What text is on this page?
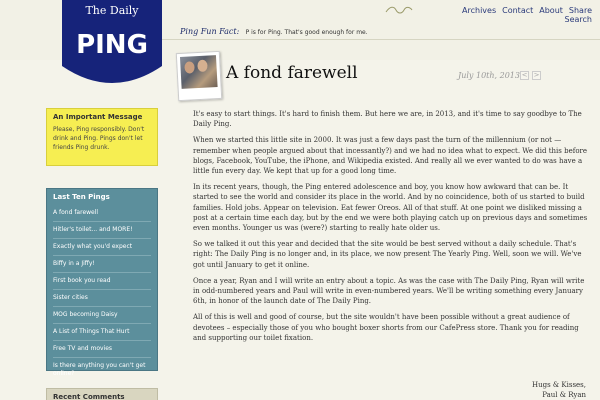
Ping Fun Fact: P is for Ping. That's good enough for me.
Archives Contact About Share
Search
The Daily
PING
An Important Message
Please, Ping responsibly. Don't drink and Ping. Pings don't let friends Ping drunk.
Last Ten Pings
A fond farewell
Hitler's toilet... and MORE!
Exactly what you'd expect
Biffy in a Jiffy!
First book you read
Sister cities
MOG becoming Daisy
A List of Things That Hurt
Free TV and movies
Is there anything you can't get online?
Recent Comments
A fond farewell	July 10th, 2013 < >

It's easy to start things. It's hard to finish them. But here we are, in 2013, and it's time to say goodbye to The Daily Ping.

When we started this little site in 2000. It was just a few days past the turn of the millennium (or not — remember when people argued about that incessantly?) and we had no idea what to expect. We did this before blogs, Facebook, YouTube, the iPhone, and Wikipedia existed. And really all we ever wanted to do was have a little fun every day. We kept that up for a good long time.

In its recent years, though, the Ping entered adolescence and boy, you know how awkward that can be. It started to see the world and consider its place in the world. And by no coincidence, both of us started to build families. Hold jobs. Appear on television. Eat fewer Oreos. All of that stuff. At one point we disliked missing a post at a certain time each day, but by the end we were both playing catch up on previous days and sometimes even months. Younger us was (were?) starting to really hate older us.

So we talked it out this year and decided that the site would be best served without a daily schedule. That's right: The Daily Ping is no longer and, in its place, we now present The Yearly Ping. Well, soon we will. We've got until January to get it online.

Once a year, Ryan and I will write an entry about a topic. As was the case with The Daily Ping, Ryan will write in odd-numbered years and Paul will write in even-numbered years. We'll be writing something every January 6th, in honor of the launch date of The Daily Ping.

All of this is well and good of course, but the site wouldn't have been possible without a great audience of devotees – especially those of you who bought boxer shorts from our CafePress store. Thank you for reading and supporting our toilet fixation.

Hugs & Kisses,
Paul & Ryan
